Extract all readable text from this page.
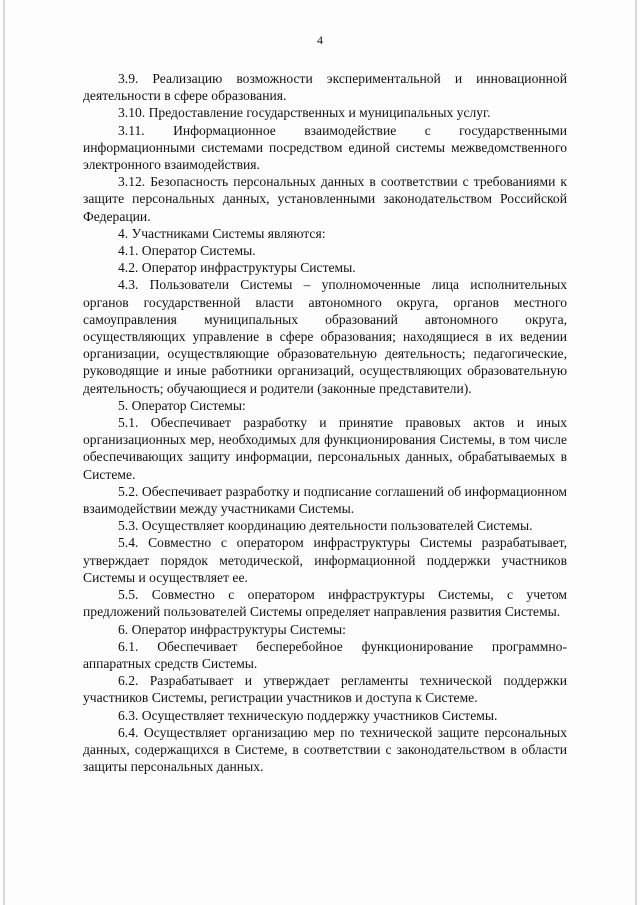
4

3.9. Реализацию возможности экспериментальной и инновационной деятельности в сфере образования.

3.10. Предоставление государственных и муниципальных услуг.

3.11. Информационное взаимодействие с государственными информационными системами посредством единой системы межведомственного электронного взаимодействия.

3.12. Безопасность персональных данных в соответствии с требованиями к защите персональных данных, установленными законодательством Российской Федерации.

4. Участниками Системы являются:

4.1. Оператор Системы.

4.2. Оператор инфраструктуры Системы.

4.3. Пользователи Системы – уполномоченные лица исполнительных органов государственной власти автономного округа, органов местного самоуправления муниципальных образований автономного округа, осуществляющих управление в сфере образования; находящиеся в их ведении организации, осуществляющие образовательную деятельность; педагогические, руководящие и иные работники организаций, осуществляющих образовательную деятельность; обучающиеся и родители (законные представители).

5. Оператор Системы:

5.1. Обеспечивает разработку и принятие правовых актов и иных организационных мер, необходимых для функционирования Системы, в том числе обеспечивающих защиту информации, персональных данных, обрабатываемых в Системе.

5.2. Обеспечивает разработку и подписание соглашений об информационном взаимодействии между участниками Системы.

5.3. Осуществляет координацию деятельности пользователей Системы.

5.4. Совместно с оператором инфраструктуры Системы разрабатывает, утверждает порядок методической, информационной поддержки участников Системы и осуществляет ее.

5.5. Совместно с оператором инфраструктуры Системы, с учетом предложений пользователей Системы определяет направления развития Системы.

6. Оператор инфраструктуры Системы:

6.1. Обеспечивает бесперебойное функционирование программно-аппаратных средств Системы.

6.2. Разрабатывает и утверждает регламенты технической поддержки участников Системы, регистрации участников и доступа к Системе.

6.3. Осуществляет техническую поддержку участников Системы.

6.4. Осуществляет организацию мер по технической защите персональных данных, содержащихся в Системе, в соответствии с законодательством в области защиты персональных данных.
